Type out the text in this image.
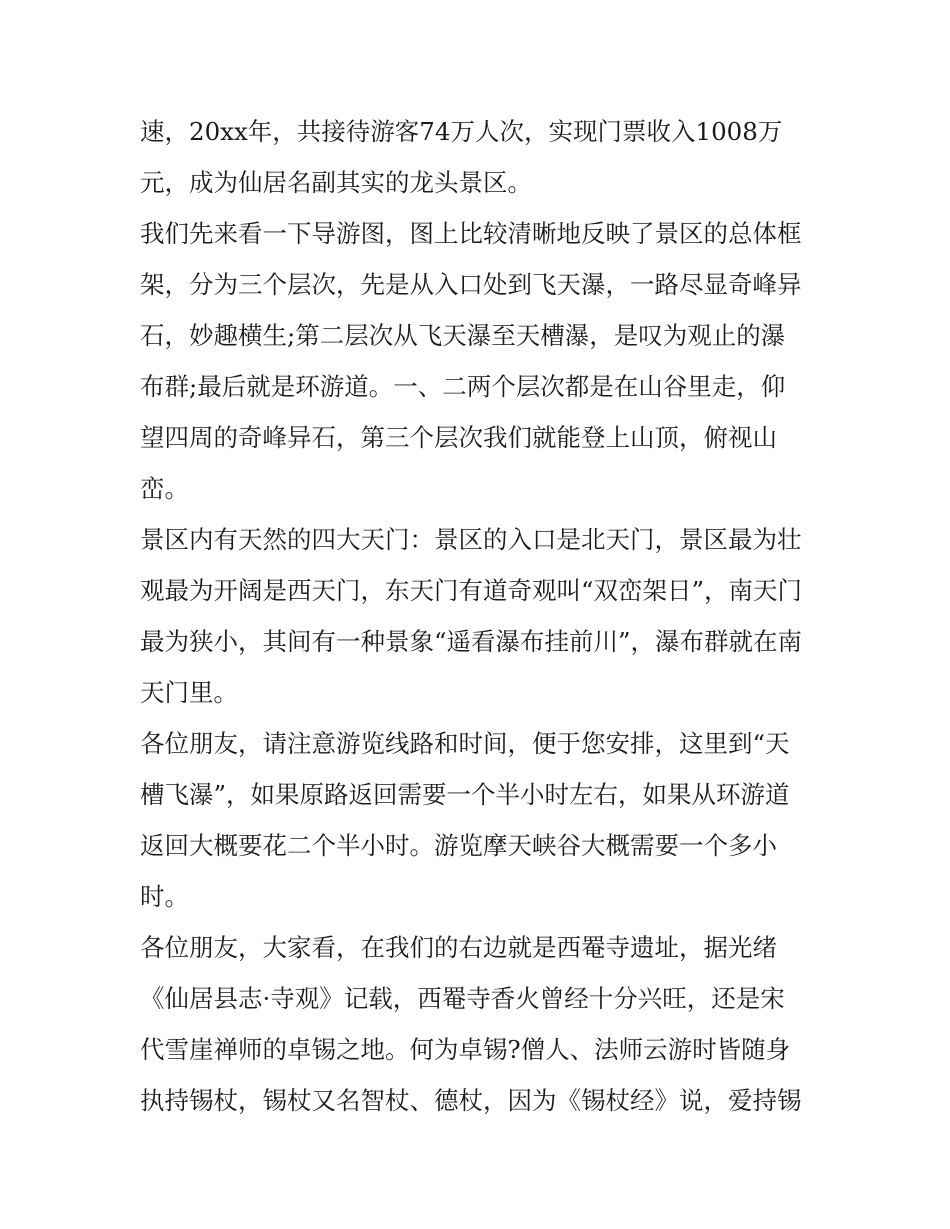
速，20xx年，共接待游客74万人次，实现门票收入1008万

元，成为仙居名副其实的龙头景区。

我们先来看一下导游图，图上比较清晰地反映了景区的总体框

架，分为三个层次，先是从入口处到飞天瀑，一路尽显奇峰异

石，妙趣横生;第二层次从飞天瀑至天槽瀑，是叹为观止的瀑

布群;最后就是环游道。一、二两个层次都是在山谷里走，仰

望四周的奇峰异石，第三个层次我们就能登上山顶，俯视山

峦。

景区内有天然的四大天门：景区的入口是北天门，景区最为壮

观最为开阔是西天门，东天门有道奇观叫“双峦架日”，南天门

最为狭小，其间有一种景象“遥看瀑布挂前川”，瀑布群就在南

天门里。

各位朋友，请注意游览线路和时间，便于您安排，这里到“天

槽飞瀑”，如果原路返回需要一个半小时左右，如果从环游道

返回大概要花二个半小时。游览摩天峡谷大概需要一个多小

时。

各位朋友，大家看，在我们的右边就是西罨寺遗址，据光绪

《仙居县志·寺观》记载，西罨寺香火曾经十分兴旺，还是宋

代雪崖禅师的卓锡之地。何为卓锡?僧人、法师云游时皆随身

执持锡杖，锡杖又名智杖、德杖，因为《锡杖经》说，爱持锡
